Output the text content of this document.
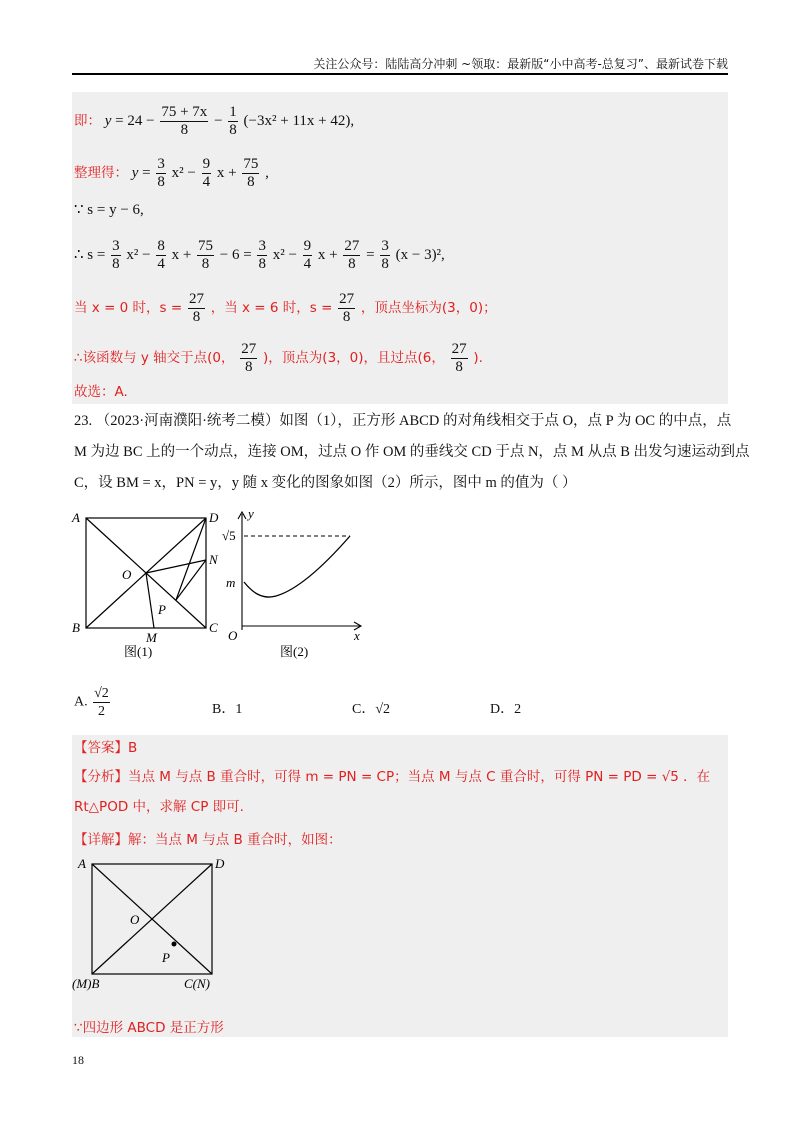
关注公众号：陆陆高分冲刺 ~领取：最新版“小中高考-总复习”、最新试卷下载
即： $y = 24 - \frac{75 + 7x}{8} - \frac{1}{8} (-3x^2 + 11x + 42)$,
整理得： $y = \frac{3}{8} x^2 - \frac{9}{4}$ $x + \frac{75}{8}$ ,
∵ s = y − 6,
∴ $s = \frac{3}{8} x^2 - \frac{8}{4}$ $x + \frac{75}{8} - 6 = \frac{3}{8} x^2 - \frac{9}{4}$ $x + \frac{27}{8} = \frac{3}{8} (x - 3)^2$,
当 x = 0 时，$s = \frac{27}{8}$ ，当 x = 6 时，$s = \frac{27}{8}$ ，顶点坐标为(3，0)；
∴该函数与 y 轴交于点(0， $\frac{27}{8}$ )，顶点为(3，0)，且过点(6， $\frac{27}{8}$ ).
故选：A.
23. （2023·河南濮阳·统考二模）如图（1），正方形 ABCD 的对角线相交于点 O，点 P 为 OC 的中点，点
M 为边 BC 上的一个动点，连接 OM，过点 O 作 OM 的垂线交 CD 于点 N，点 M 从点 B 出发匀速运动到点
C，设 BM = x，PN = y，y 随 x 变化的图象如图（2）所示，图中 m 的值为（ ）
A	D
O
N
P
B	C
M
图(1)
y
√5
m
O	x
图(2)
A. $\frac{√2}{2}$	B．1	C．√2	D．2
【答案】B
【分析】当点 M 与点 B 重合时，可得 m = PN = CP；当点 M 与点 C 重合时，可得 PN = PD = √5 ．在
Rt△POD 中，求解 CP 即可.
【详解】解：当点 M 与点 B 重合时，如图：
A	D
O
P
(M)B	C(N)
∵四边形 ABCD 是正方形
18
